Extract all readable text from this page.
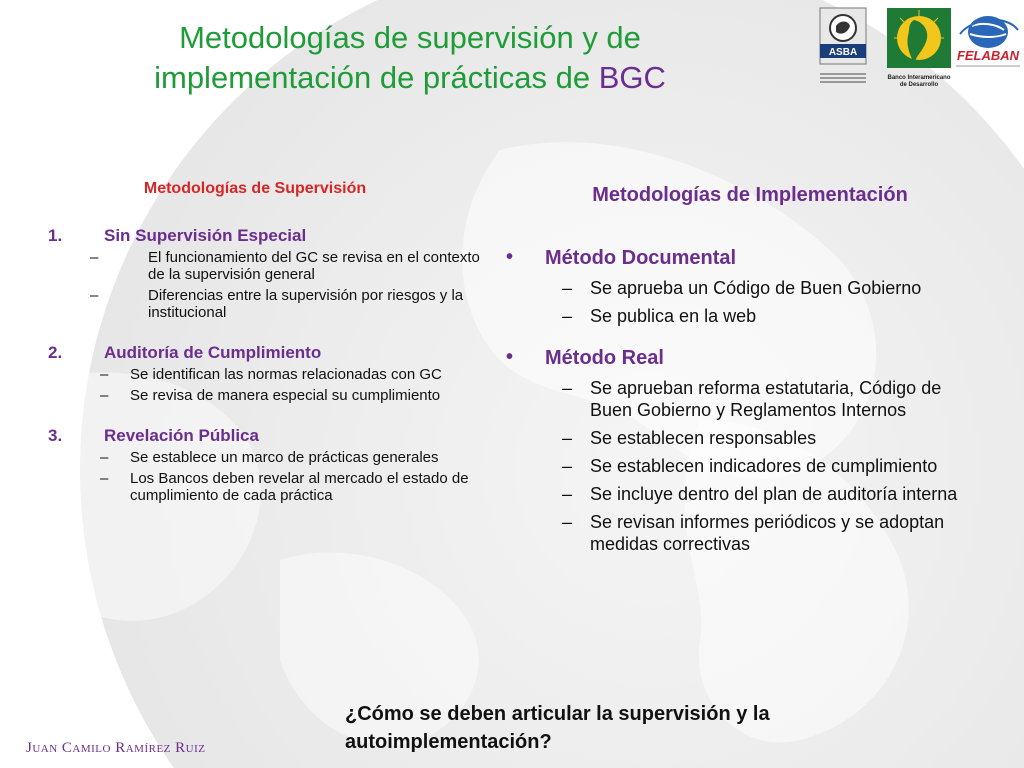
Metodologías de supervisión y de
implementación de prácticas de BGC
ASBA
Banco Interamericano
de Desarrollo
FELABAN
Metodologías de Supervisión
1. Sin Supervisión Especial
–	El funcionamiento del GC se revisa en el contexto de la supervisión general
–	Diferencias entre la supervisión por riesgos y la institucional
2. Auditoría de Cumplimiento
– Se identifican las normas relacionadas con GC
– Se revisa de manera especial su cumplimiento
3. Revelación Pública
– Se establece un marco de prácticas generales
– Los Bancos deben revelar al mercado el estado de cumplimiento de cada práctica
Metodologías de Implementación
• Método Documental
– Se aprueba un Código de Buen Gobierno
– Se publica en la web
• Método Real
– Se aprueban reforma estatutaria, Código de Buen Gobierno y Reglamentos Internos
– Se establecen responsables
– Se establecen indicadores de cumplimiento
– Se incluye dentro del plan de auditoría interna
– Se revisan informes periódicos y se adoptan medidas correctivas
¿Cómo se deben articular la supervisión y la autoimplementación?
Juan Camilo Ramírez Ruiz
